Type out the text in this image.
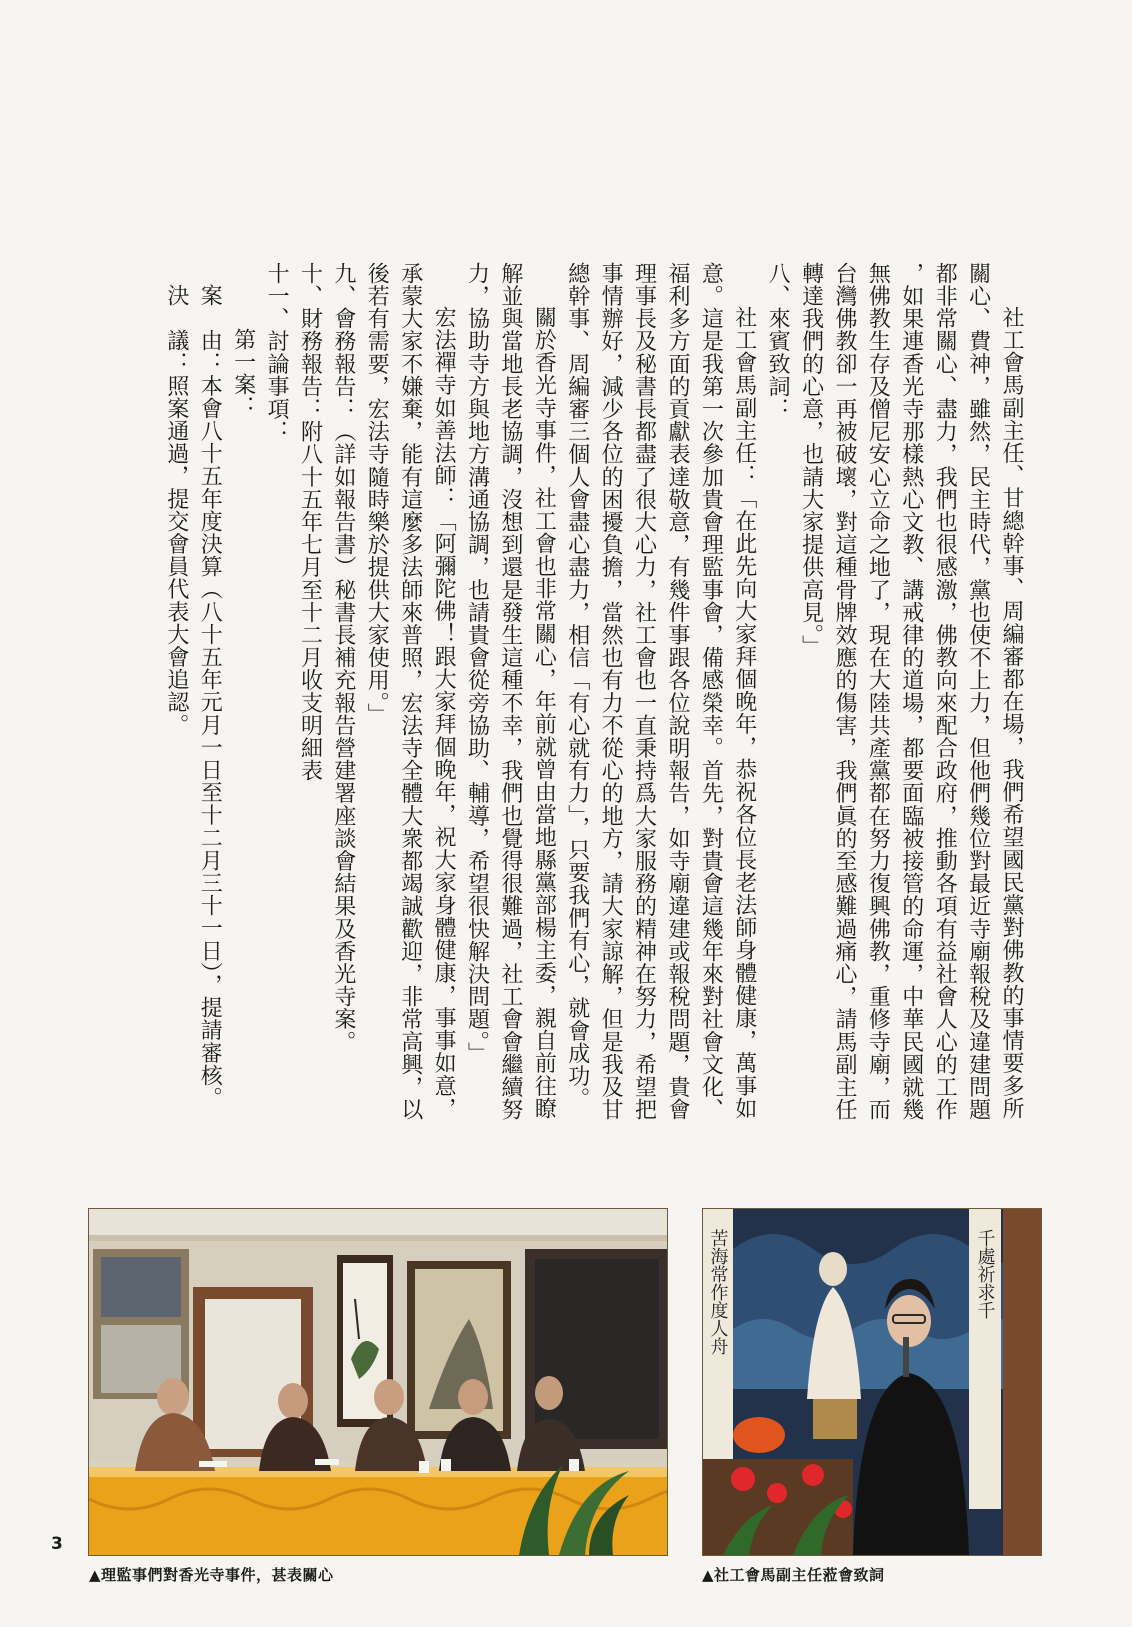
社工會馬副主任、甘總幹事、周編審都在場，我們希望國民黨對佛教的事情要多所

關心、費神，雖然，民主時代，黨也使不上力，但他們幾位對最近寺廟報稅及違建問題

都非常關心、盡力，我們也很感激，佛教向來配合政府，推動各項有益社會人心的工作

，如果連香光寺那樣熱心文教、講戒律的道場，都要面臨被接管的命運，中華民國就幾

無佛教生存及僧尼安心立命之地了，現在大陸共產黨都在努力復興佛教，重修寺廟，而

台灣佛教卻一再被破壞，對這種骨牌效應的傷害，我們眞的至感難過痛心，請馬副主任

轉達我們的心意，也請大家提供高見。」

八、來賓致詞：

社工會馬副主任：「在此先向大家拜個晚年，恭祝各位長老法師身體健康，萬事如

意。這是我第一次參加貴會理監事會，備感榮幸。首先，對貴會這幾年來對社會文化、

福利多方面的貢獻表達敬意，有幾件事跟各位說明報告，如寺廟違建或報稅問題，貴會

理事長及秘書長都盡了很大心力，社工會也一直秉持爲大家服務的精神在努力，希望把

事情辦好，減少各位的困擾負擔，當然也有力不從心的地方，請大家諒解，但是我及甘

總幹事、周編審三個人會盡心盡力，相信「有心就有力」，只要我們有心，就會成功。

關於香光寺事件，社工會也非常關心，年前就曾由當地縣黨部楊主委，親自前往瞭

解並與當地長老協調，沒想到還是發生這種不幸，我們也覺得很難過，社工會會繼續努

力，協助寺方與地方溝通協調，也請貴會從旁協助、輔導，希望很快解決問題。」

宏法禪寺如善法師：「阿彌陀佛！跟大家拜個晚年，祝大家身體健康，事事如意，

承蒙大家不嫌棄，能有這麼多法師來普照，宏法寺全體大衆都竭誠歡迎，非常高興，以

後若有需要，宏法寺隨時樂於提供大家使用。」

九、會務報告：（詳如報告書）秘書長補充報告營建署座談會結果及香光寺案。

十、財務報告：附八十五年七月至十二月收支明細表

十一、討論事項：

第一案：

案　由：本會八十五年度決算（八十五年元月一日至十二月三十一日），提請審核。

決　議：照案通過，提交會員代表大會追認。

苦海常作度人舟	千處祈求千
3
▲理監事們對香光寺事件，甚表關心	▲社工會馬副主任蒞會致詞
